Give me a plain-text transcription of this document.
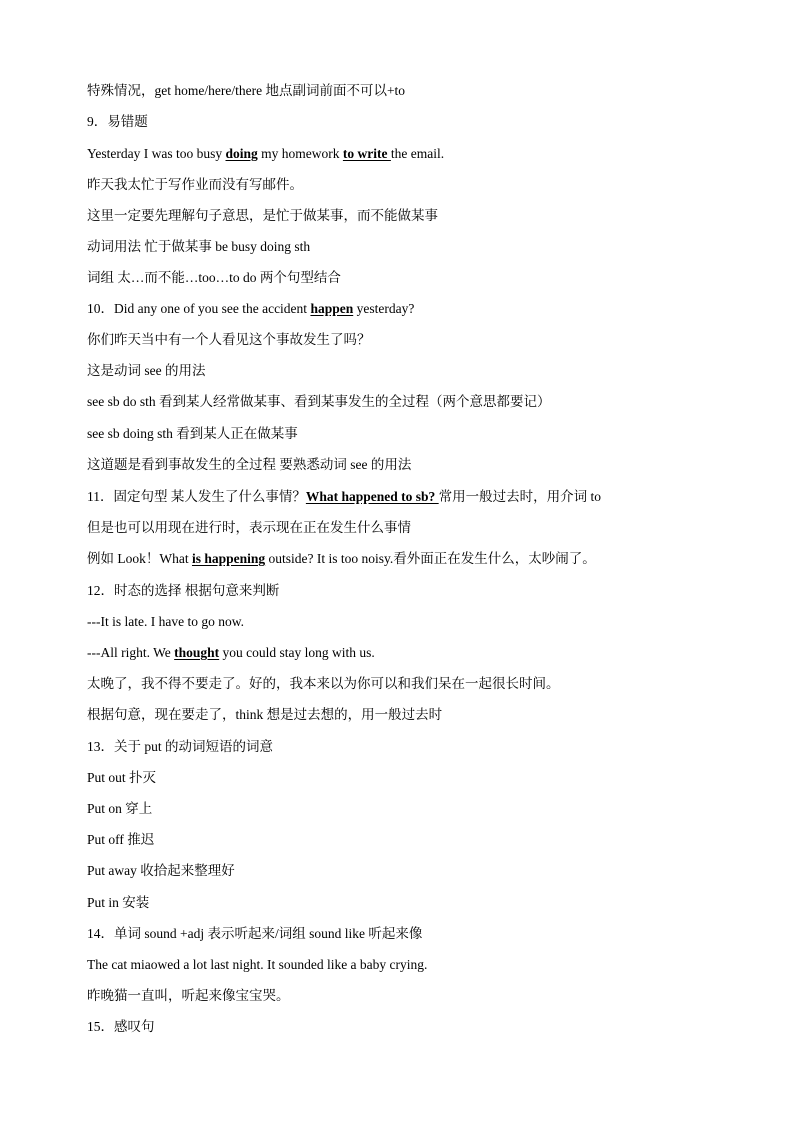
特殊情况，get home/here/there 地点副词前面不可以+to
9．易错题
Yesterday I was too busy doing my homework to write the email.
昨天我太忙于写作业而没有写邮件。
这里一定要先理解句子意思，是忙于做某事，而不能做某事
动词用法 忙于做某事 be busy doing sth
词组 太…而不能…too…to do 两个句型结合
10．Did any one of you see the accident happen yesterday?
你们昨天当中有一个人看见这个事故发生了吗？
这是动词 see 的用法
see sb do sth 看到某人经常做某事、看到某事发生的全过程（两个意思都要记）
see sb doing sth 看到某人正在做某事
这道题是看到事故发生的全过程 要熟悉动词 see 的用法
11．固定句型 某人发生了什么事情？What happened to sb? 常用一般过去时，用介词 to
但是也可以用现在进行时，表示现在正在发生什么事情
例如 Look！What is happening outside? It is too noisy.看外面正在发生什么，太吵闹了。
12．时态的选择 根据句意来判断
---It is late. I have to go now.
---All right. We thought you could stay long with us.
太晚了，我不得不要走了。好的，我本来以为你可以和我们呆在一起很长时间。
根据句意，现在要走了，think 想是过去想的，用一般过去时
13．关于 put 的动词短语的词意
Put out 扑灭
Put on 穿上
Put off 推迟
Put away 收拾起来整理好
Put in 安装
14．单词 sound +adj 表示听起来/词组 sound like 听起来像
The cat miaowed a lot last night. It sounded like a baby crying.
昨晚猫一直叫，听起来像宝宝哭。
15．感叹句
